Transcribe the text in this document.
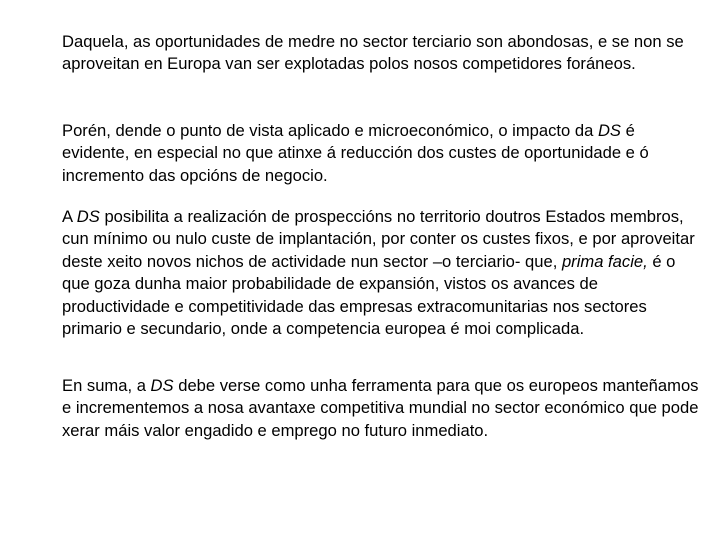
Daquela, as oportunidades de medre no sector terciario son abondosas, e se non se aproveitan en Europa van ser explotadas polos nosos competidores foráneos.

Porén, dende o punto de vista aplicado e microeconómico, o impacto da DS é evidente, en especial no que atinxe á reducción dos custes de oportunidade e ó incremento das opcións de negocio.

A DS posibilita a realización de prospeccións no territorio doutros Estados membros, cun mínimo ou nulo custe de implantación, por conter os custes fixos, e por aproveitar deste xeito novos nichos de actividade nun sector –o terciario- que, prima facie, é o que goza dunha maior probabilidade de expansión, vistos os avances de productividade e competitividade das empresas extracomunitarias nos sectores primario e secundario, onde a competencia europea é moi complicada.

En suma, a DS debe verse como unha ferramenta para que os europeos manteñamos e incrementemos a nosa avantaxe competitiva mundial no sector económico que pode xerar máis valor engadido e emprego no futuro inmediato.
